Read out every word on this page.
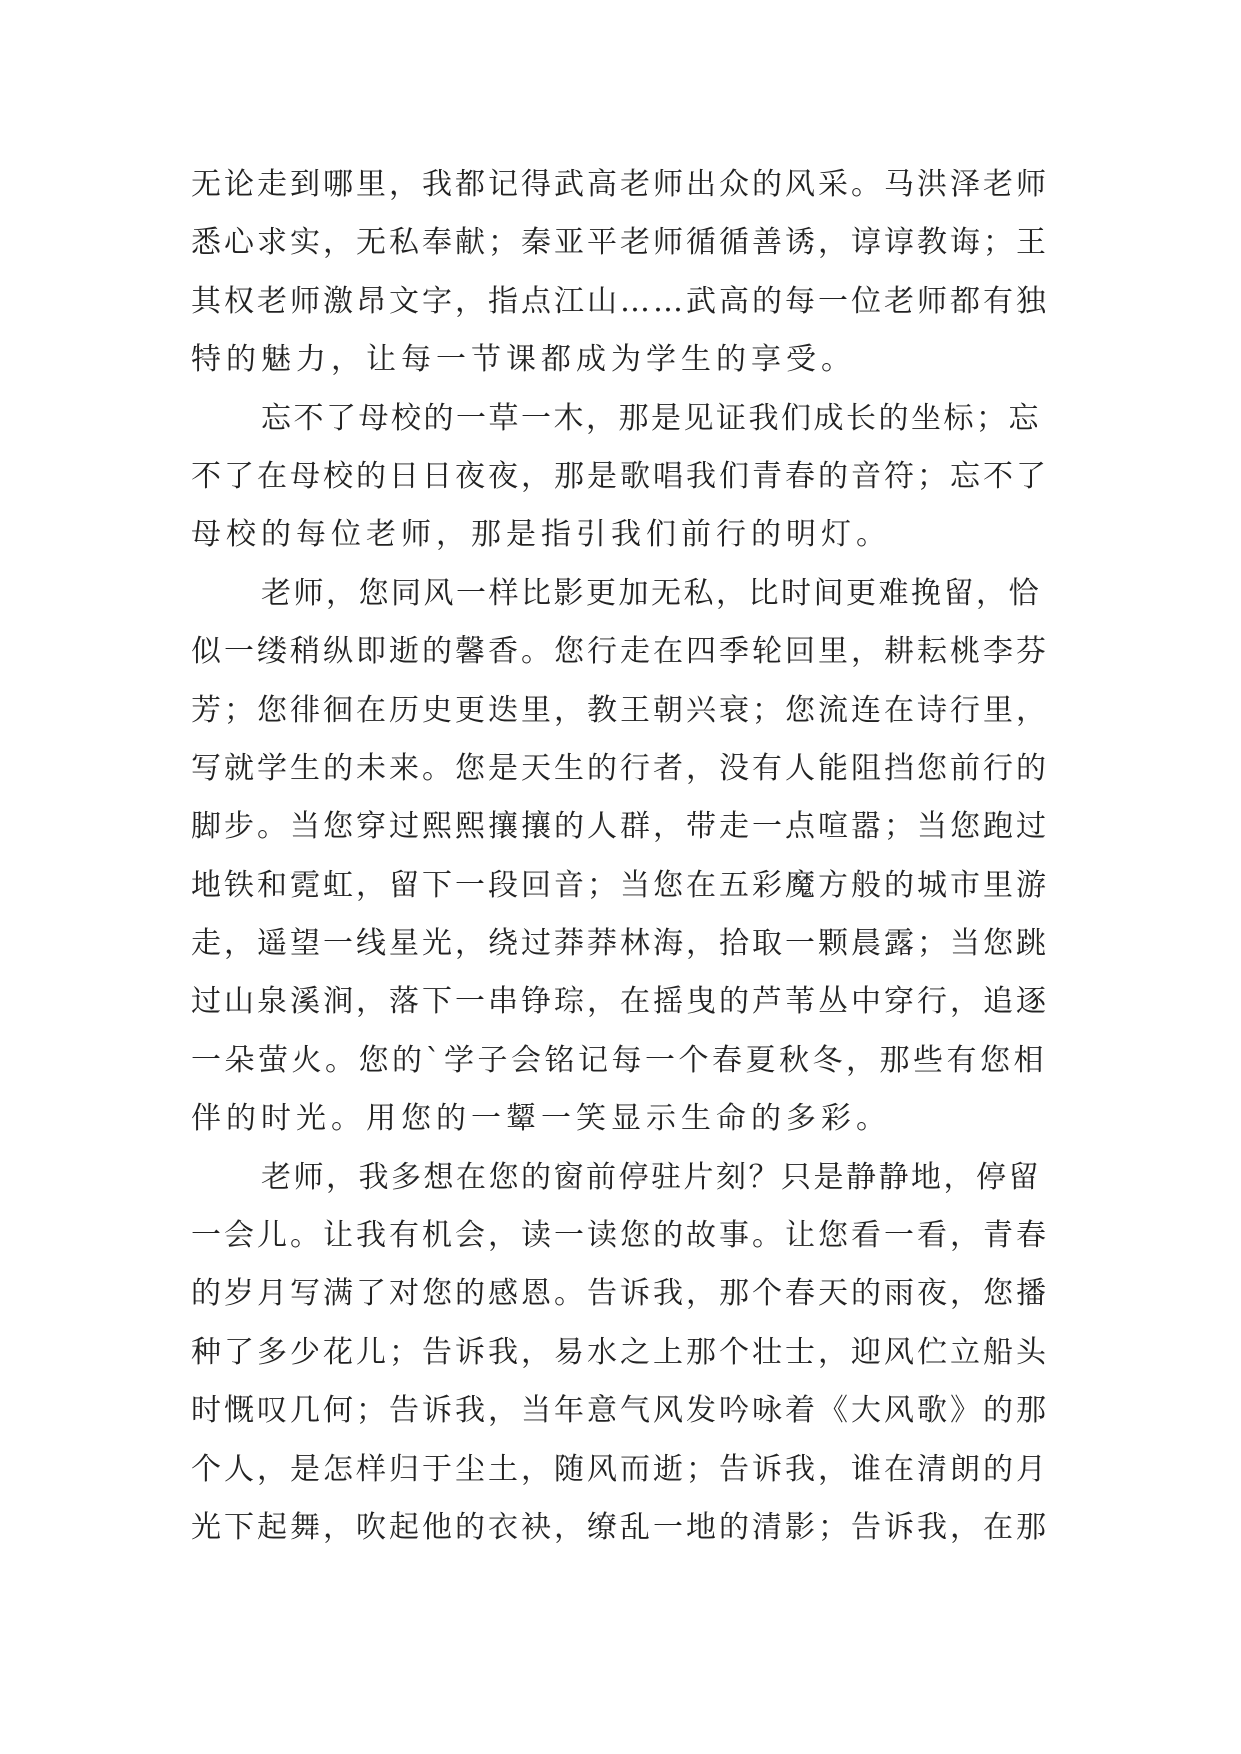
无论走到哪里，我都记得武高老师出众的风采。马洪泽老师
悉心求实，无私奉献；秦亚平老师循循善诱，谆谆教诲；王
其权老师激昂文字，指点江山……武高的每一位老师都有独
特的魅力，让每一节课都成为学生的享受。
忘不了母校的一草一木，那是见证我们成长的坐标；忘
不了在母校的日日夜夜，那是歌唱我们青春的音符；忘不了
母校的每位老师，那是指引我们前行的明灯。
老师，您同风一样比影更加无私，比时间更难挽留，恰
似一缕稍纵即逝的馨香。您行走在四季轮回里，耕耘桃李芬
芳；您徘徊在历史更迭里，教王朝兴衰；您流连在诗行里，
写就学生的未来。您是天生的行者，没有人能阻挡您前行的
脚步。当您穿过熙熙攘攘的人群，带走一点喧嚣；当您跑过
地铁和霓虹，留下一段回音；当您在五彩魔方般的城市里游
走，遥望一线星光，绕过莽莽林海，拾取一颗晨露；当您跳
过山泉溪涧，落下一串铮琮，在摇曳的芦苇丛中穿行，追逐
一朵萤火。您的`学子会铭记每一个春夏秋冬，那些有您相
伴的时光。用您的一颦一笑显示生命的多彩。
老师，我多想在您的窗前停驻片刻？只是静静地，停留
一会儿。让我有机会，读一读您的故事。让您看一看，青春
的岁月写满了对您的感恩。告诉我，那个春天的雨夜，您播
种了多少花儿；告诉我，易水之上那个壮士，迎风伫立船头
时慨叹几何；告诉我，当年意气风发吟咏着《大风歌》的那
个人，是怎样归于尘土，随风而逝；告诉我，谁在清朗的月
光下起舞，吹起他的衣袂，缭乱一地的清影；告诉我，在那
